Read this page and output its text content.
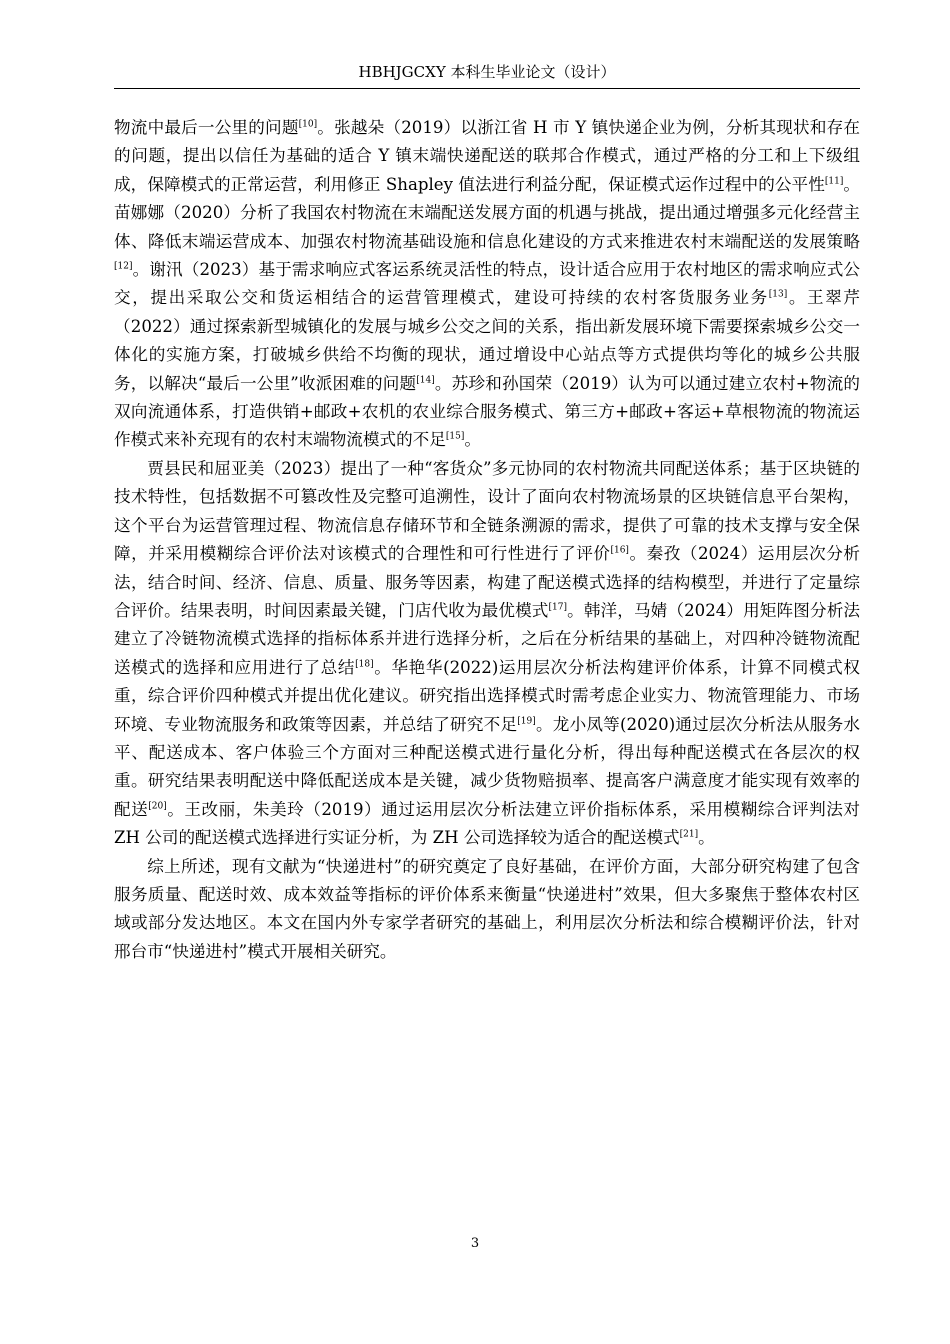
HBHJGCXY 本科生毕业论文（设计）

物流中最后一公里的问题[10]。张越朵（2019）以浙江省 H 市 Y 镇快递企业为例，分析其现状和存在的问题，提出以信任为基础的适合 Y 镇末端快递配送的联邦合作模式，通过严格的分工和上下级组成，保障模式的正常运营，利用修正 Shapley 值法进行利益分配，保证模式运作过程中的公平性[11]。苗娜娜（2020）分析了我国农村物流在末端配送发展方面的机遇与挑战，提出通过增强多元化经营主体、降低末端运营成本、加强农村物流基础设施和信息化建设的方式来推进农村末端配送的发展策略[12]。谢汛（2023）基于需求响应式客运系统灵活性的特点，设计适合应用于农村地区的需求响应式公交，提出采取公交和货运相结合的运营管理模式，建设可持续的农村客货服务业务[13]。王翠芹（2022）通过探索新型城镇化的发展与城乡公交之间的关系，指出新发展环境下需要探索城乡公交一体化的实施方案，打破城乡供给不均衡的现状，通过增设中心站点等方式提供均等化的城乡公共服务，以解决“最后一公里”收派困难的问题[14]。苏珍和孙国荣（2019）认为可以通过建立农村+物流的双向流通体系，打造供销+邮政+农机的农业综合服务模式、第三方+邮政+客运+草根物流的物流运作模式来补充现有的农村末端物流模式的不足[15]。

贾县民和屈亚美（2023）提出了一种“客货众”多元协同的农村物流共同配送体系；基于区块链的技术特性，包括数据不可篡改性及完整可追溯性，设计了面向农村物流场景的区块链信息平台架构，这个平台为运营管理过程、物流信息存储环节和全链条溯源的需求，提供了可靠的技术支撑与安全保障，并采用模糊综合评价法对该模式的合理性和可行性进行了评价[16]。秦孜（2024）运用层次分析法，结合时间、经济、信息、质量、服务等因素，构建了配送模式选择的结构模型，并进行了定量综合评价。结果表明，时间因素最关键，门店代收为最优模式[17]。韩洋，马婧（2024）用矩阵图分析法建立了冷链物流模式选择的指标体系并进行选择分析，之后在分析结果的基础上，对四种冷链物流配送模式的选择和应用进行了总结[18]。华艳华(2022)运用层次分析法构建评价体系，计算不同模式权重，综合评价四种模式并提出优化建议。研究指出选择模式时需考虑企业实力、物流管理能力、市场环境、专业物流服务和政策等因素，并总结了研究不足[19]。龙小凤等(2020)通过层次分析法从服务水平、配送成本、客户体验三个方面对三种配送模式进行量化分析，得出每种配送模式在各层次的权重。研究结果表明配送中降低配送成本是关键，减少货物赔损率、提高客户满意度才能实现有效率的配送[20]。王改丽，朱美玲（2019）通过运用层次分析法建立评价指标体系，采用模糊综合评判法对 ZH 公司的配送模式选择进行实证分析，为 ZH 公司选择较为适合的配送模式[21]。

综上所述，现有文献为“快递进村”的研究奠定了良好基础，在评价方面，大部分研究构建了包含服务质量、配送时效、成本效益等指标的评价体系来衡量“快递进村”效果，但大多聚焦于整体农村区域或部分发达地区。本文在国内外专家学者研究的基础上，利用层次分析法和综合模糊评价法，针对邢台市“快递进村”模式开展相关研究。

3
